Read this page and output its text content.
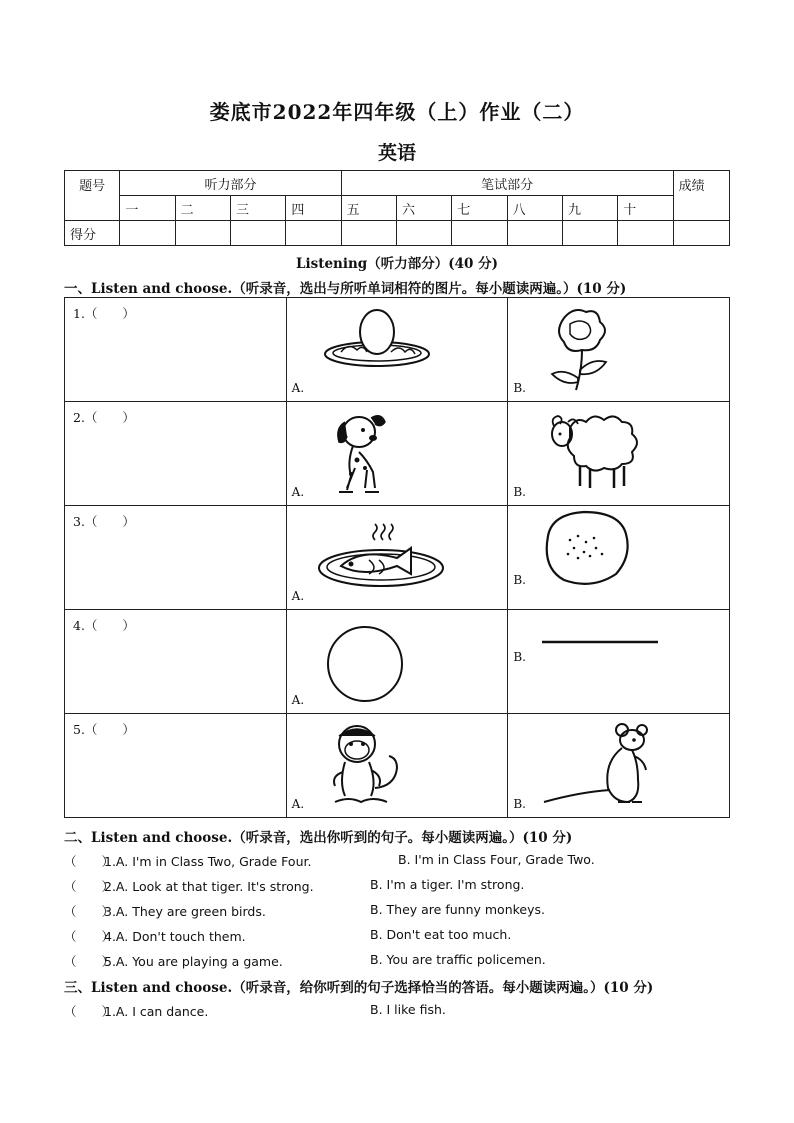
娄底市2022年四年级（上）作业（二）
英语
题号	听力部分				笔试部分						成绩
	一	二	三	四	五	六	七	八	九	十	
得分											
Listening（听力部分）(40 分)
一、Listen and choose.（听录音，选出与所听单词相符的图片。每小题读两遍。）(10 分)
1.（　　）	A.	B.

2.（　　）	A.	B.

3.（　　）	A.	B.

4.（　　）	A.	B.

5.（　　）	A.	B.
二、Listen and choose.（听录音，选出你听到的句子。每小题读两遍。）(10 分)
（　　）1.A. I'm in Class Two, Grade Four.	B. I'm in Class Four, Grade Two.
（　　）2.A. Look at that tiger. It's strong.	B. I'm a tiger. I'm strong.
（　　）3.A. They are green birds.	B. They are funny monkeys.
（　　）4.A. Don't touch them.	B. Don't eat too much.
（　　）5.A. You are playing a game.	B. You are traffic policemen.
三、Listen and choose.（听录音，给你听到的句子选择恰当的答语。每小题读两遍。）(10 分)
（　　）1.A. I can dance.	B. I like fish.
